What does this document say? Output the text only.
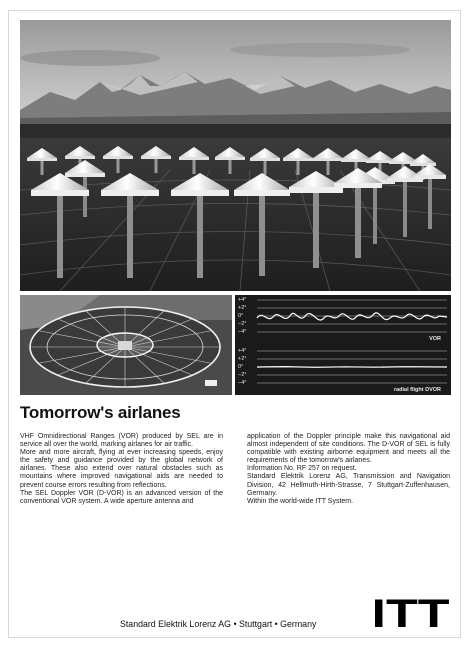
+4°
+2°
0°
−2°
−4°
VOR
+4°
+2°
0°
−2°
−4°
radial flight DVOR
Tomorrow's airlanes

VHF Omnidirectional Ranges (VOR) produced by SEL are in service all over the world, marking airlanes for air traffic.

More and more aircraft, flying at ever increasing speeds, enjoy the safety and guidance provided by the global network of airlanes. These also extend over natural obstacles such as mountains where improved navigational aids are needed to prevent course errors resulting from reflections.

The SEL Doppler VOR (D-VOR) is an advanced version of the conventional VOR system. A wide aperture antenna and

application of the Doppler principle make this navigational aid almost independent of site conditions. The D-VOR of SEL is fully compatible with existing airborne equipment and meets all the requirements of the tomorrow's airlanes.

Information No. RF 257 on request.

Standard Elektrik Lorenz AG, Transmission and Navigation Division, 42 Hellmuth-Hirth-Strasse, 7 Stuttgart-Zuffenhausen, Germany.

Within the world-wide ITT System.

Standard Elektrik Lorenz AG • Stuttgart • Germany ITT
